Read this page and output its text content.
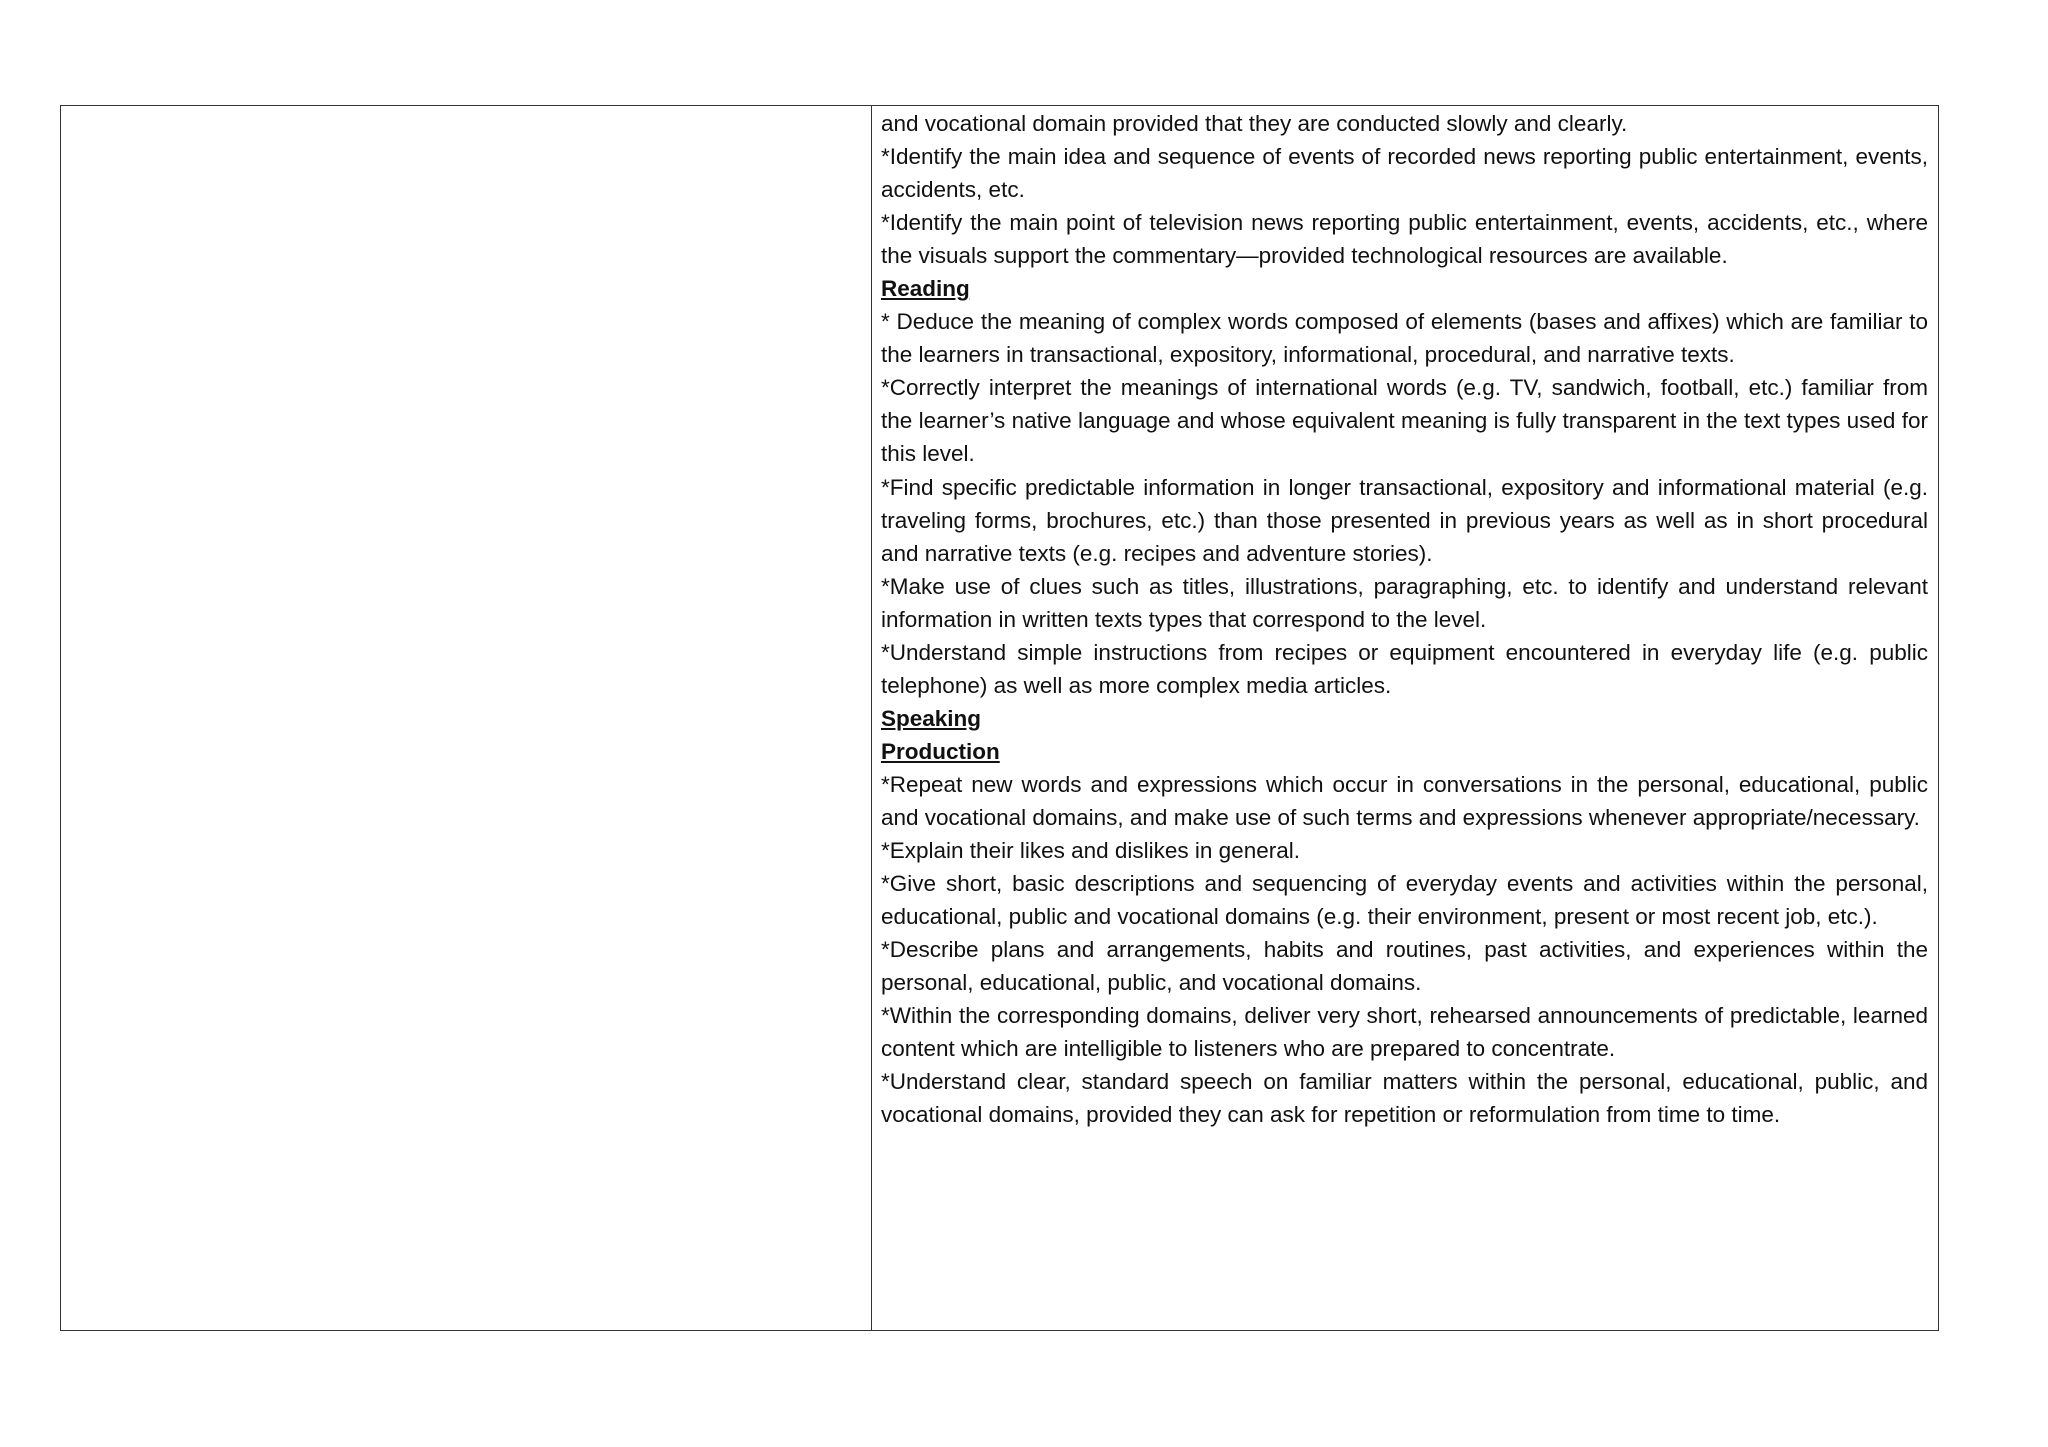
and vocational domain provided that they are conducted slowly and clearly.
*Identify the main idea and sequence of events of recorded news reporting public entertainment, events, accidents, etc.
*Identify the main point of television news reporting public entertainment, events, accidents, etc., where the visuals support the commentary—provided technological resources are available.
Reading
* Deduce the meaning of complex words composed of elements (bases and affixes) which are familiar to the learners in transactional, expository, informational, procedural, and narrative texts.
*Correctly interpret the meanings of international words (e.g. TV, sandwich, football, etc.) familiar from the learner’s native language and whose equivalent meaning is fully transparent in the text types used for this level.
*Find specific predictable information in longer transactional, expository and informational material (e.g. traveling forms, brochures, etc.) than those presented in previous years as well as in short procedural and narrative texts (e.g. recipes and adventure stories).
*Make use of clues such as titles, illustrations, paragraphing, etc. to identify and understand relevant information in written texts types that correspond to the level.
*Understand simple instructions from recipes or equipment encountered in everyday life (e.g. public telephone) as well as more complex media articles.
Speaking
Production
*Repeat new words and expressions which occur in conversations in the personal, educational, public and vocational domains, and make use of such terms and expressions whenever appropriate/necessary.
*Explain their likes and dislikes in general.
*Give short, basic descriptions and sequencing of everyday events and activities within the personal, educational, public and vocational domains (e.g. their environment, present or most recent job, etc.).
*Describe plans and arrangements, habits and routines, past activities, and experiences within the personal, educational, public, and vocational domains.
*Within the corresponding domains, deliver very short, rehearsed announcements of predictable, learned content which are intelligible to listeners who are prepared to concentrate.
*Understand clear, standard speech on familiar matters within the personal, educational, public, and vocational domains, provided they can ask for repetition or reformulation from time to time.
